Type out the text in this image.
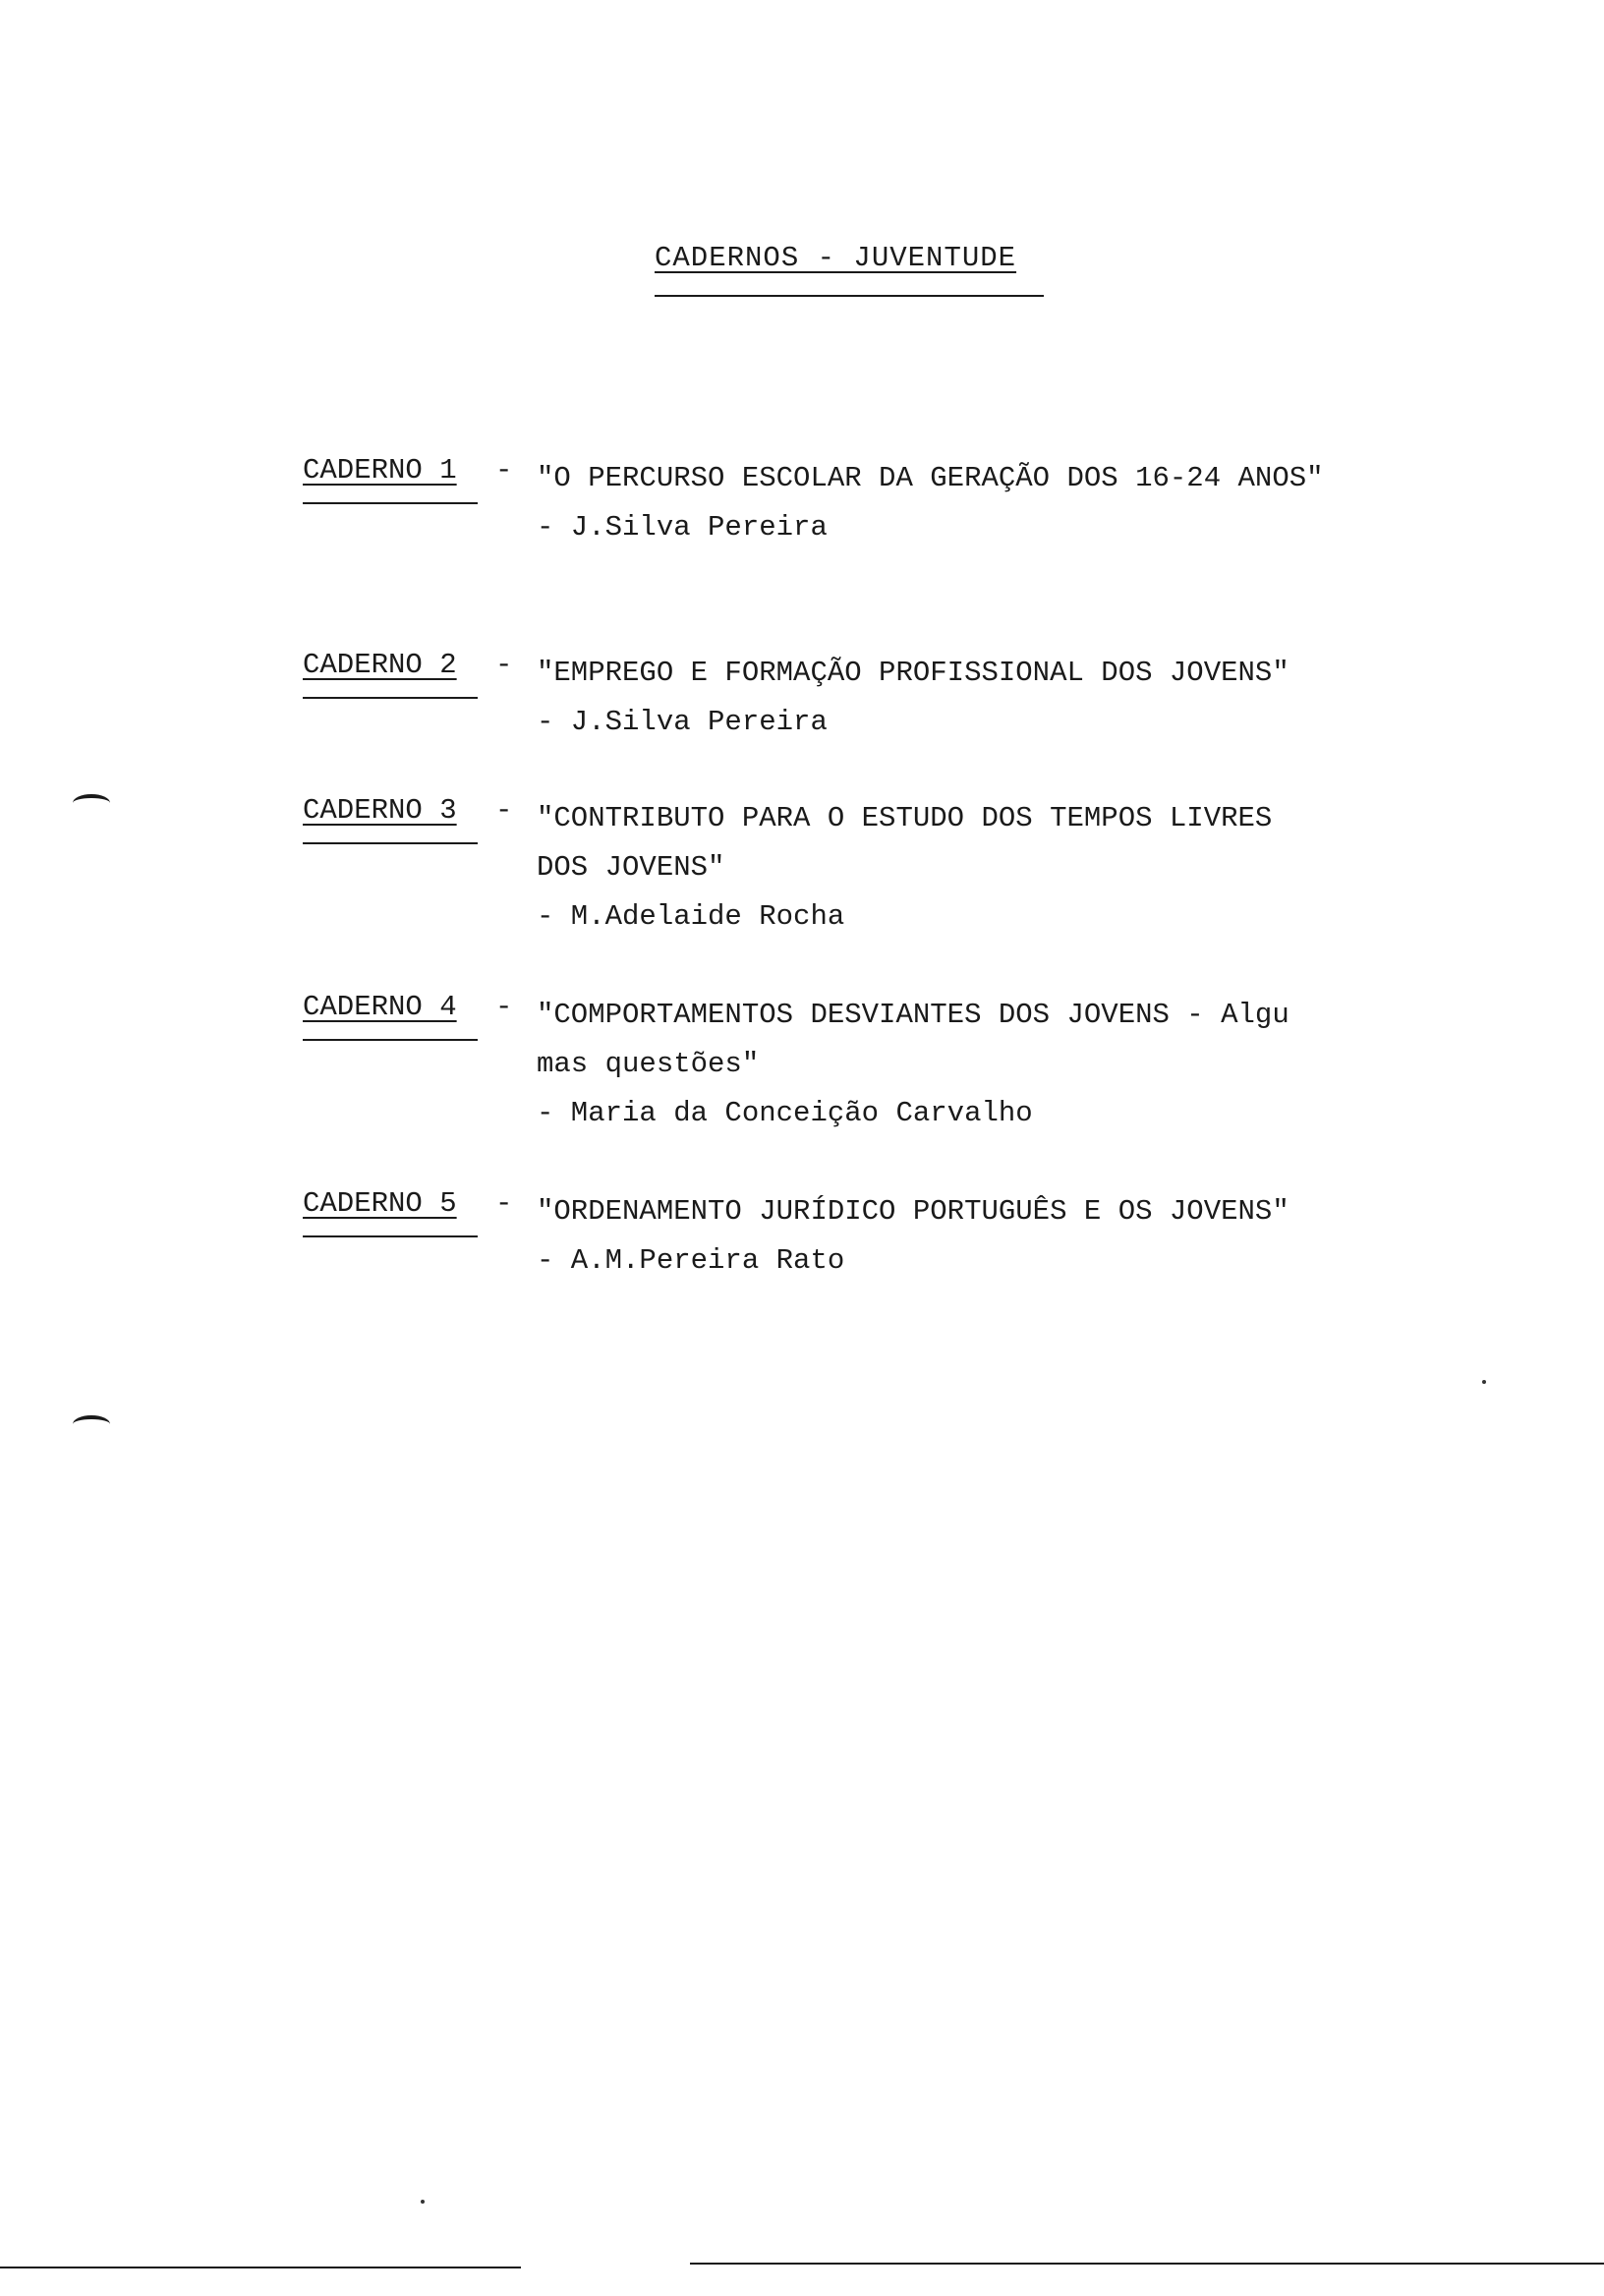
CADERNOS - JUVENTUDE
CADERNO 1 - "O PERCURSO ESCOLAR DA GERAÇÃO DOS 16-24 ANOS"
- J.Silva Pereira
CADERNO 2 - "EMPREGO E FORMAÇÃO PROFISSIONAL DOS JOVENS"
- J.Silva Pereira
CADERNO 3 - "CONTRIBUTO PARA O ESTUDO DOS TEMPOS LIVRES
DOS JOVENS"
- M.Adelaide Rocha
CADERNO 4 - "COMPORTAMENTOS DESVIANTES DOS JOVENS - Algu
mas questões"
- Maria da Conceição Carvalho
CADERNO 5 - "ORDENAMENTO JURÍDICO PORTUGUÊS E OS JOVENS"
- A.M.Pereira Rato
